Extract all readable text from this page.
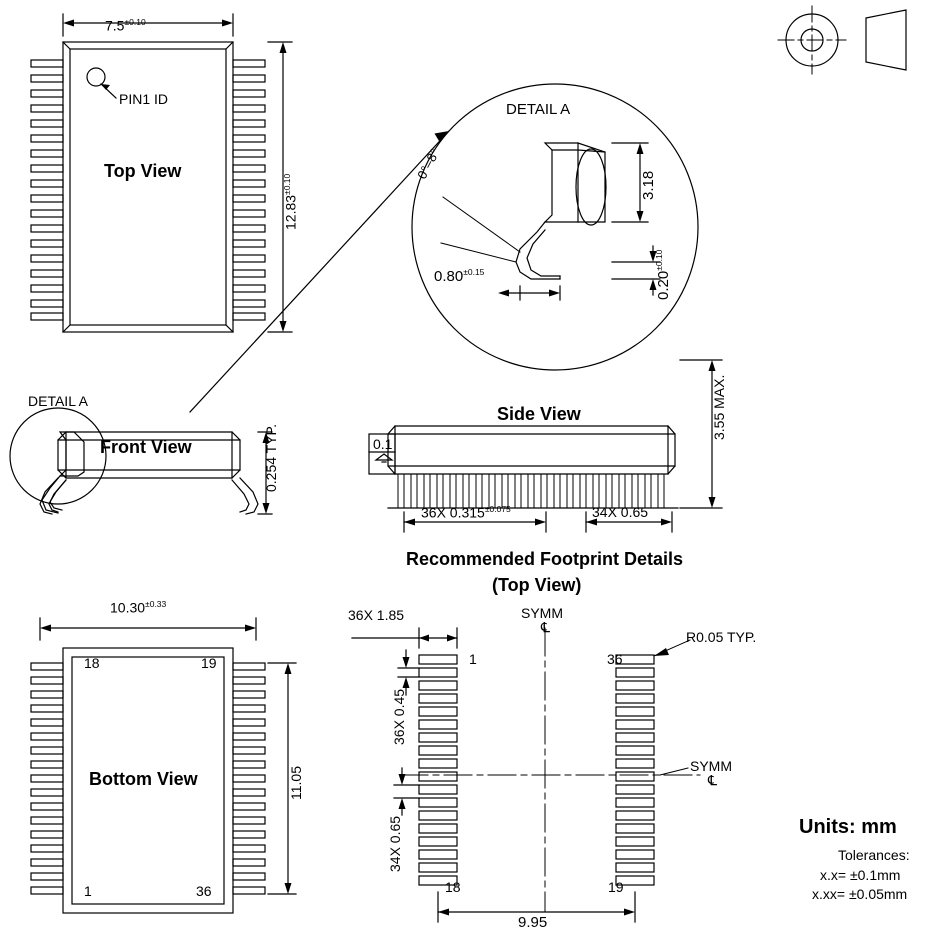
$7.5^{\pm 0.10}$
PIN1 ID
Top View
$12.83^{\pm 0.10}$
DETAIL A
0°–8°
3.18
$0.20^{\pm 0.10}$
$0.80^{\pm 0.15}$
DETAIL A
Front View	0.254 TYP.
Side View
0.1
36X $0.315^{\pm 0.075}$	34X 0.65
3.55 MAX.
Recommended Footprint Details
(Top View)
$10.30^{\pm 0.33}$
18	19
1	36
Bottom View	11.05
36X 1.85
1	36
18	19
36X 0.45
34X 0.65
R0.05 TYP.
SYMM
℄
SYMM
℄
9.95
Units: mm
Tolerances:
x.x= ±0.1mm
x.xx= ±0.05mm
